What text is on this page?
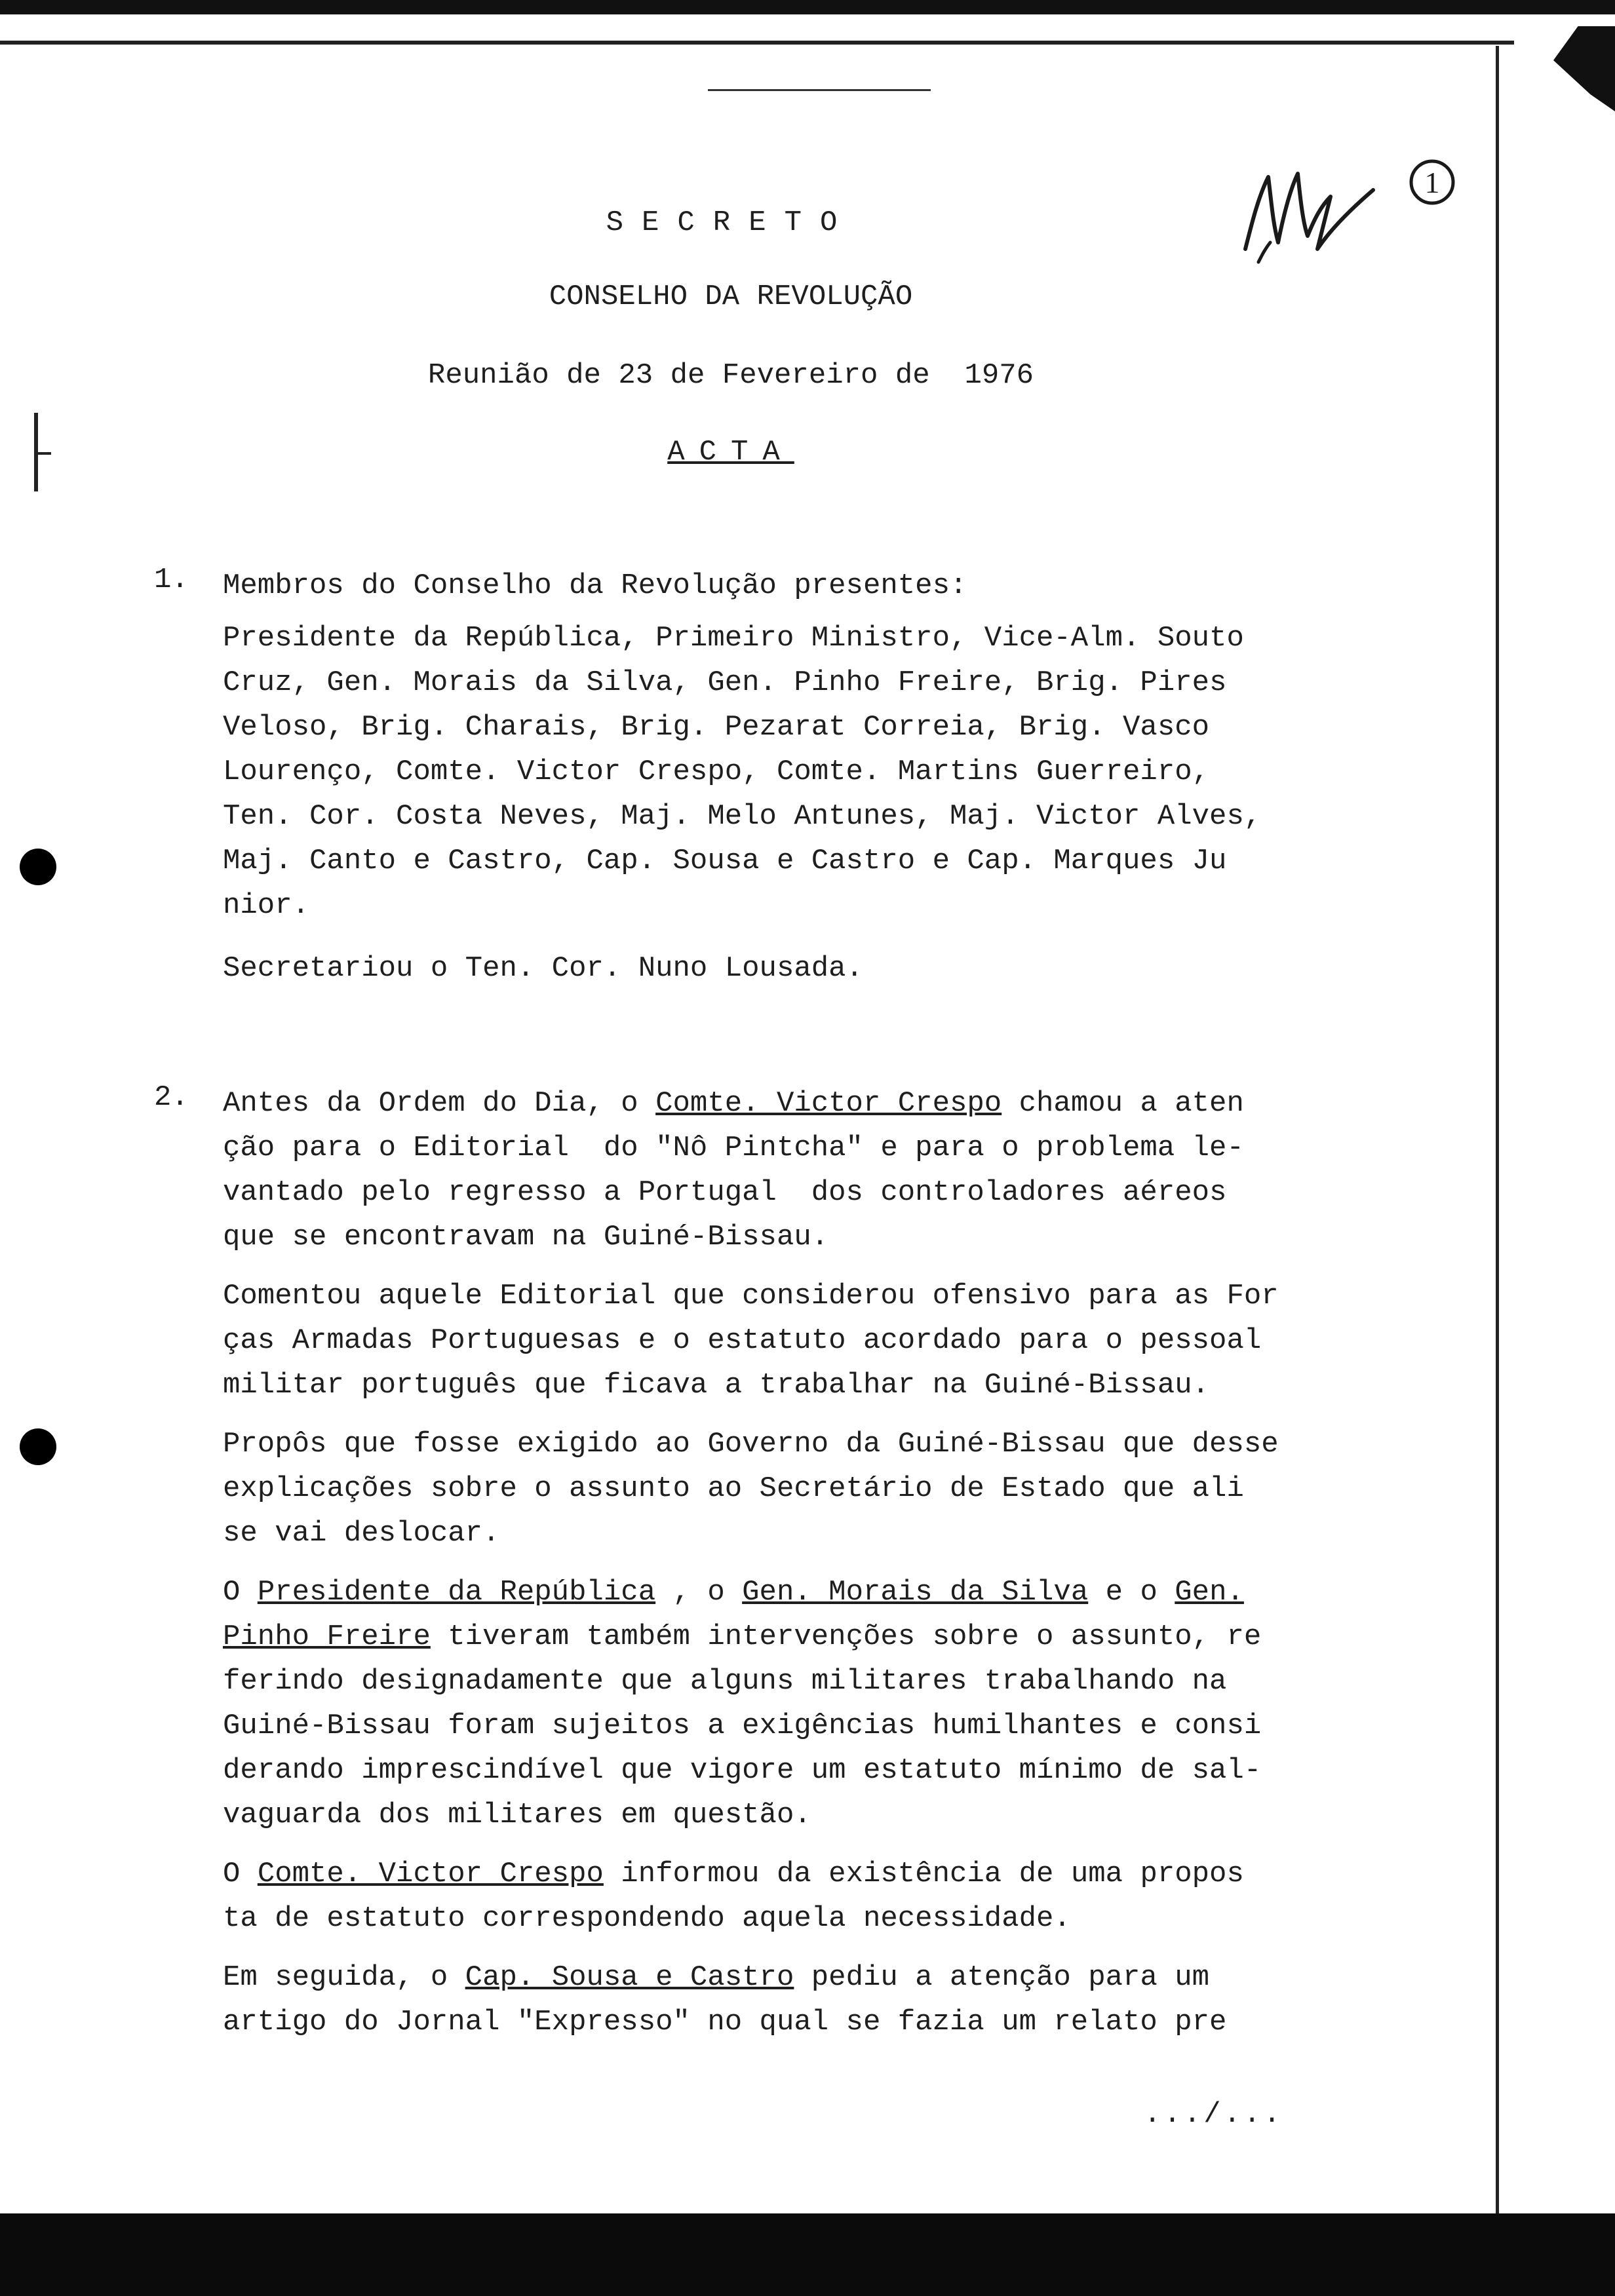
1
SECRETO
CONSELHO DA REVOLUÇÃO
Reunião de 23 de Fevereiro de  1976
ACTA
1. Membros do Conselho da Revolução presentes:

Presidente da República, Primeiro Ministro, Vice-Alm. Souto

Cruz, Gen. Morais da Silva, Gen. Pinho Freire, Brig. Pires

Veloso, Brig. Charais, Brig. Pezarat Correia, Brig. Vasco

Lourenço, Comte. Victor Crespo, Comte. Martins Guerreiro,

Ten. Cor. Costa Neves, Maj. Melo Antunes, Maj. Victor Alves,

Maj. Canto e Castro, Cap. Sousa e Castro e Cap. Marques Ju

nior.

Secretariou o Ten. Cor. Nuno Lousada.

2. Antes da Ordem do Dia, o Comte. Victor Crespo chamou a aten

ção para o Editorial  do "Nô Pintcha" e para o problema le-

vantado pelo regresso a Portugal  dos controladores aéreos

que se encontravam na Guiné-Bissau.

Comentou aquele Editorial que considerou ofensivo para as For

ças Armadas Portuguesas e o estatuto acordado para o pessoal

militar português que ficava a trabalhar na Guiné-Bissau.

Propôs que fosse exigido ao Governo da Guiné-Bissau que desse

explicações sobre o assunto ao Secretário de Estado que ali

se vai deslocar.

O Presidente da República , o Gen. Morais da Silva e o Gen.

Pinho Freire tiveram também intervenções sobre o assunto, re

ferindo designadamente que alguns militares trabalhando na

Guiné-Bissau foram sujeitos a exigências humilhantes e consi

derando imprescindível que vigore um estatuto mínimo de sal-

vaguarda dos militares em questão.

O Comte. Victor Crespo informou da existência de uma propos

ta de estatuto correspondendo aquela necessidade.

Em seguida, o Cap. Sousa e Castro pediu a atenção para um

artigo do Jornal "Expresso" no qual se fazia um relato pre

.../...
